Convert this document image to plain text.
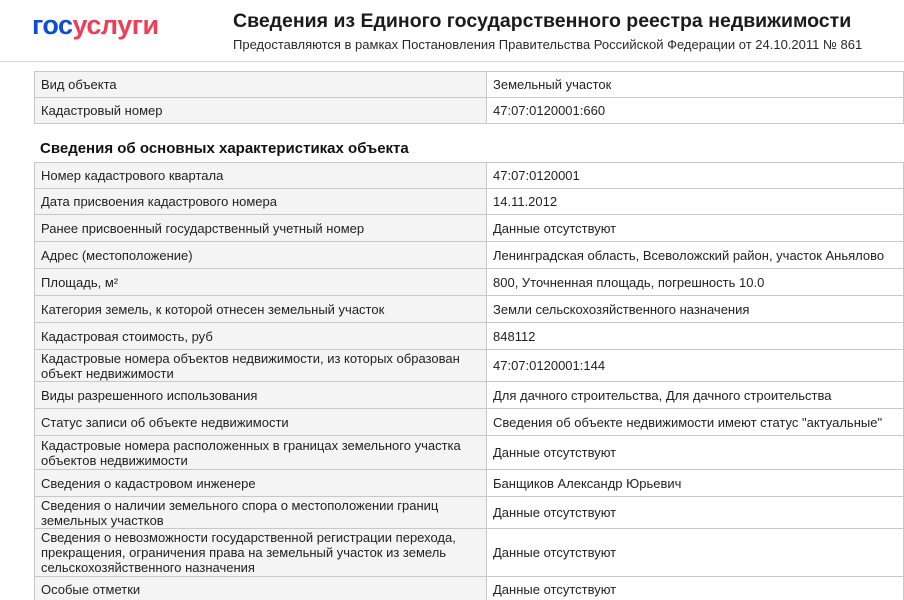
госуслуги	Сведения из Единого государственного реестра недвижимости
Предоставляются в рамках Постановления Правительства Российской Федерации от 24.10.2011 № 861
Вид объекта	Земельный участок
Кадастровый номер	47:07:0120001:660
Сведения об основных характеристиках объекта
Номер кадастрового квартала	47:07:0120001
Дата присвоения кадастрового номера	14.11.2012
Ранее присвоенный государственный учетный номер	Данные отсутствуют
Адрес (местоположение)	Ленинградская область, Всеволожский район, участок Аньялово
Площадь, м²	800, Уточненная площадь, погрешность 10.0
Категория земель, к которой отнесен земельный участок	Земли сельскохозяйственного назначения
Кадастровая стоимость, руб	848112
Кадастровые номера объектов недвижимости, из которых образован объект недвижимости	47:07:0120001:144
Виды разрешенного использования	Для дачного строительства, Для дачного строительства
Статус записи об объекте недвижимости	Сведения об объекте недвижимости имеют статус "актуальные"
Кадастровые номера расположенных в границах земельного участка объектов недвижимости	Данные отсутствуют
Сведения о кадастровом инженере	Банщиков Александр Юрьевич
Сведения о наличии земельного спора о местоположении границ земельных участков	Данные отсутствуют
Сведения о невозможности государственной регистрации перехода, прекращения, ограничения права на земельный участок из земель сельскохозяйственного назначения	Данные отсутствуют
Особые отметки	Данные отсутствуют
